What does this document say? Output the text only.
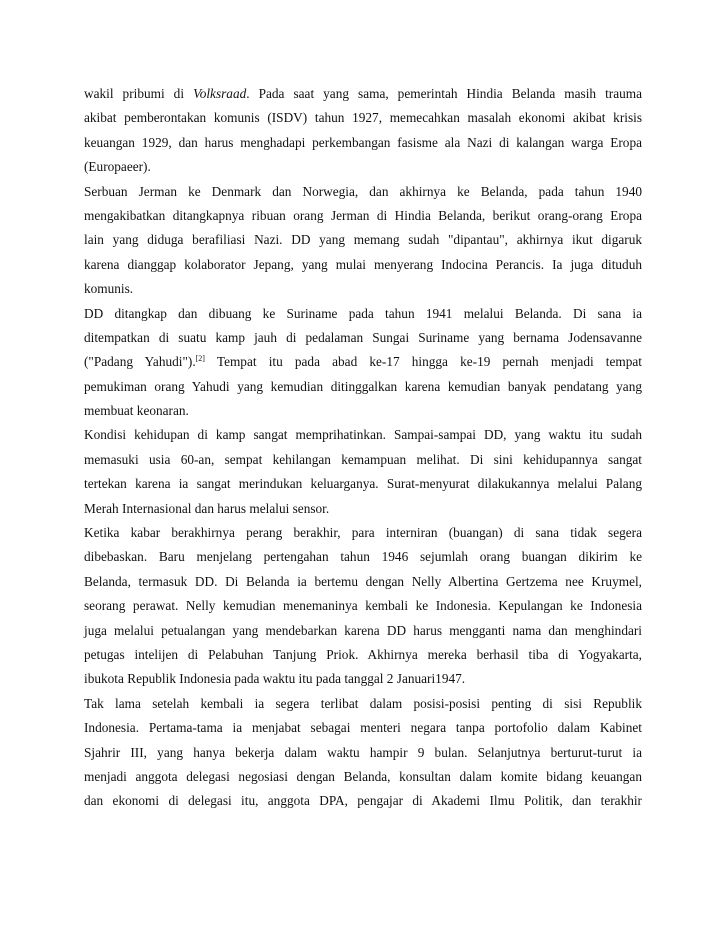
wakil pribumi di Volksraad. Pada saat yang sama, pemerintah Hindia Belanda masih trauma
akibat pemberontakan komunis (ISDV) tahun 1927, memecahkan masalah ekonomi akibat krisis
keuangan 1929, dan harus menghadapi perkembangan fasisme ala Nazi di kalangan warga Eropa
(Europaeer).
Serbuan Jerman ke Denmark dan Norwegia, dan akhirnya ke Belanda, pada tahun 1940
mengakibatkan ditangkapnya ribuan orang Jerman di Hindia Belanda, berikut orang-orang Eropa
lain yang diduga berafiliasi Nazi. DD yang memang sudah "dipantau", akhirnya ikut digaruk
karena dianggap kolaborator Jepang, yang mulai menyerang Indocina Perancis. Ia juga dituduh
komunis.
DD ditangkap dan dibuang ke Suriname pada tahun 1941 melalui Belanda. Di sana ia
ditempatkan di suatu kamp jauh di pedalaman Sungai Suriname yang bernama Jodensavanne
("Padang Yahudi").[2] Tempat itu pada abad ke-17 hingga ke-19 pernah menjadi tempat
pemukiman orang Yahudi yang kemudian ditinggalkan karena kemudian banyak pendatang yang
membuat keonaran.
Kondisi kehidupan di kamp sangat memprihatinkan. Sampai-sampai DD, yang waktu itu sudah
memasuki usia 60-an, sempat kehilangan kemampuan melihat. Di sini kehidupannya sangat
tertekan karena ia sangat merindukan keluarganya. Surat-menyurat dilakukannya melalui Palang
Merah Internasional dan harus melalui sensor.
Ketika kabar berakhirnya perang berakhir, para interniran (buangan) di sana tidak segera
dibebaskan. Baru menjelang pertengahan tahun 1946 sejumlah orang buangan dikirim ke
Belanda, termasuk DD. Di Belanda ia bertemu dengan Nelly Albertina Gertzema nee Kruymel,
seorang perawat. Nelly kemudian menemaninya kembali ke Indonesia. Kepulangan ke Indonesia
juga melalui petualangan yang mendebarkan karena DD harus mengganti nama dan menghindari
petugas intelijen di Pelabuhan Tanjung Priok. Akhirnya mereka berhasil tiba di Yogyakarta,
ibukota Republik Indonesia pada waktu itu pada tanggal 2 Januari1947.
Tak lama setelah kembali ia segera terlibat dalam posisi-posisi penting di sisi Republik
Indonesia. Pertama-tama ia menjabat sebagai menteri negara tanpa portofolio dalam Kabinet
Sjahrir III, yang hanya bekerja dalam waktu hampir 9 bulan. Selanjutnya berturut-turut ia
menjadi anggota delegasi negosiasi dengan Belanda, konsultan dalam komite bidang keuangan
dan ekonomi di delegasi itu, anggota DPA, pengajar di Akademi Ilmu Politik, dan terakhir
